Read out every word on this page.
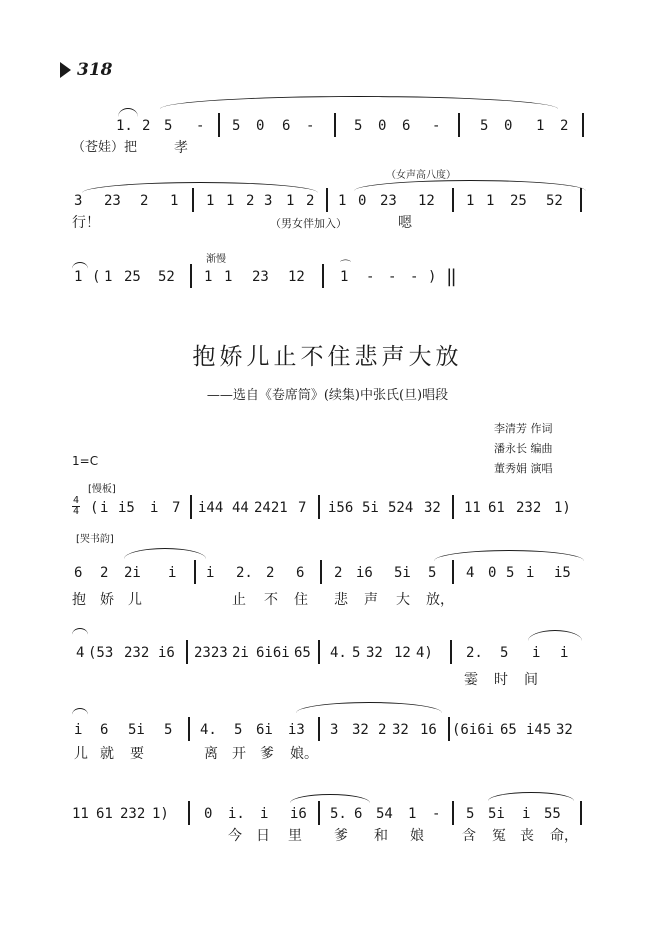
318
1. 2 5 - 5 0 6 -	5 0 6 -	5 0 1 2
（苍娃）把	孝
（女声高八度）
3 23 2 1 1 1 2 3 1 2 1 0 23 12 1 1 25 52
行！	（男女伴加入）	嗯
渐慢
1 ( 1 25 52 1 1 23 12
⌒
1 - - - ) ‖
抱娇儿止不住悲声大放
——选自《卷席筒》(续集)中张氏(旦)唱段
李清芳 作词
潘永长 编曲
董秀娟 演唱
1=C
[慢板]
4
4 ( i i5 i 7 i44 44 2421 7 i56 5i 524 32 11 61 232 1)
[哭书韵]
6 2 2i i i 2. 2 6 2 i6 5i 5 4 0 5 i i5
抱 娇 儿	止 不 住 悲 声 大 放，
4 (53 232 i6 2323 2i 6i6i 65 4. 5 32 12 4) 2. 5 i i
霎 时 间
i 6 5i 5 4. 5 6i i3 3 32 2 32 16 (6i6i 65 i45 32
儿 就 要	离 开 爹 娘。
11 61 232 1)	0 i. i i6 5. 6 54 1 - 5 5i i 55
今 日 里 爹 和 娘	含 冤 丧 命，
